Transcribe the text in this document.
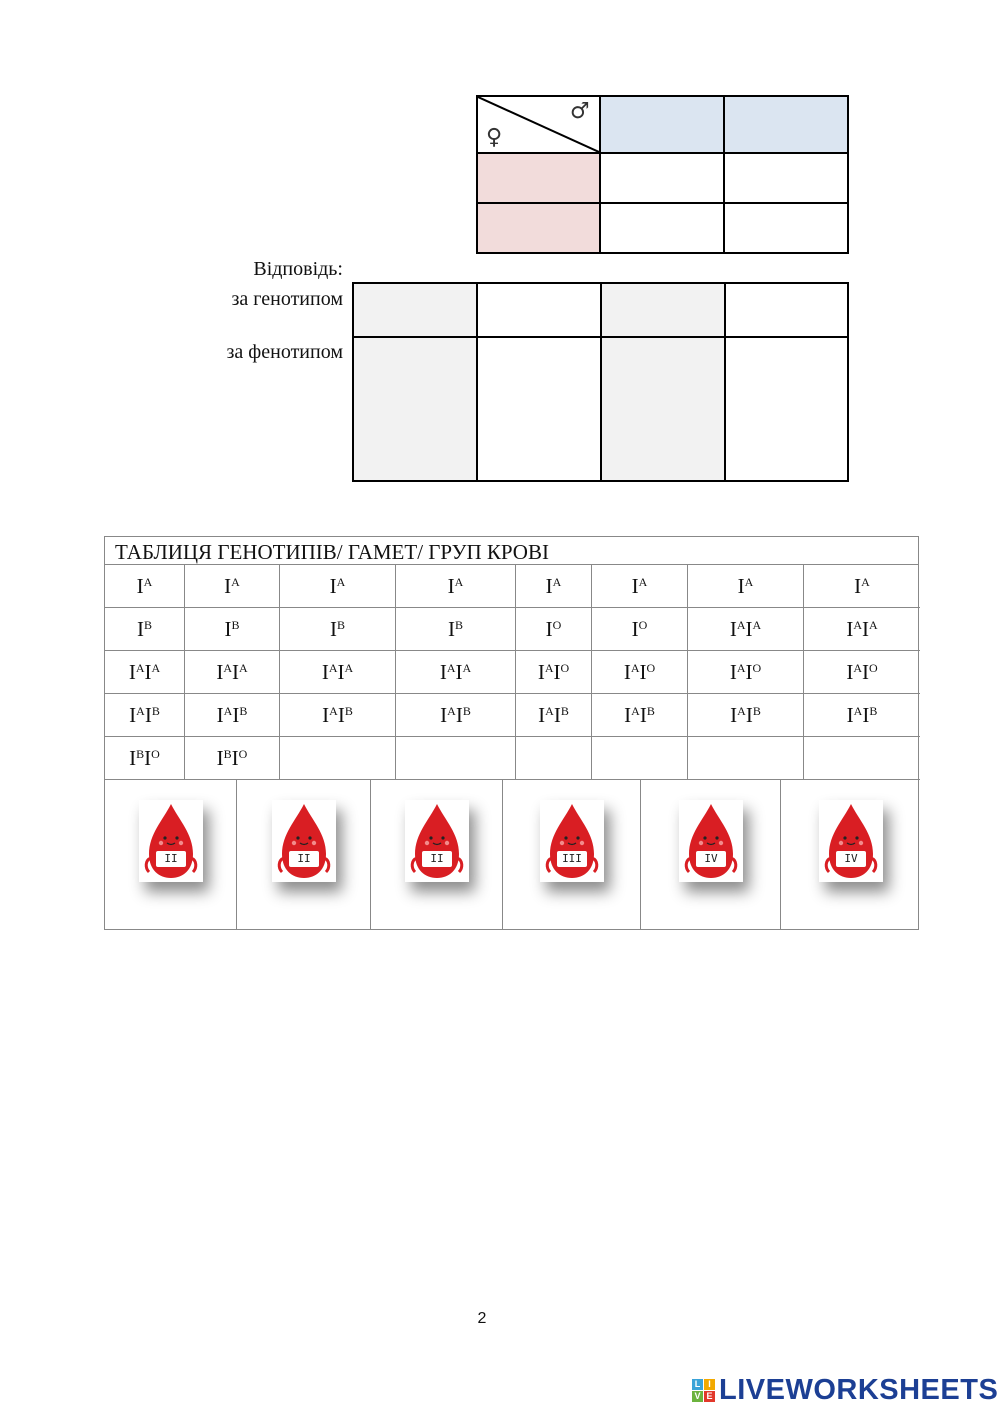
♂
♀
Відповідь:
за генотипом
за фенотипом
ТАБЛИЦЯ ГЕНОТИПІВ/ ГАМЕТ/ ГРУП КРОВІ
$I^A$	$I^A$	$I^A$	$I^A$	$I^A$	$I^A$	$I^A$	$I^A$
$I^B$	$I^B$	$I^B$	$I^B$	$I^O$	$I^O$	$I^AI^A$	$I^AI^A$
$I^AI^A$	$I^AI^A$	$I^AI^A$	$I^AI^A$	$I^AI^O$	$I^AI^O$	$I^AI^O$	$I^AI^O$
$I^AI^B$	$I^AI^B$	$I^AI^B$	$I^AI^B$	$I^AI^B$	$I^AI^B$	$I^AI^B$	$I^AI^B$
$I^BI^O$	$I^BI^O$
II	II	II	III	IV	IV
2
L I
V E LIVEWORKSHEETS
